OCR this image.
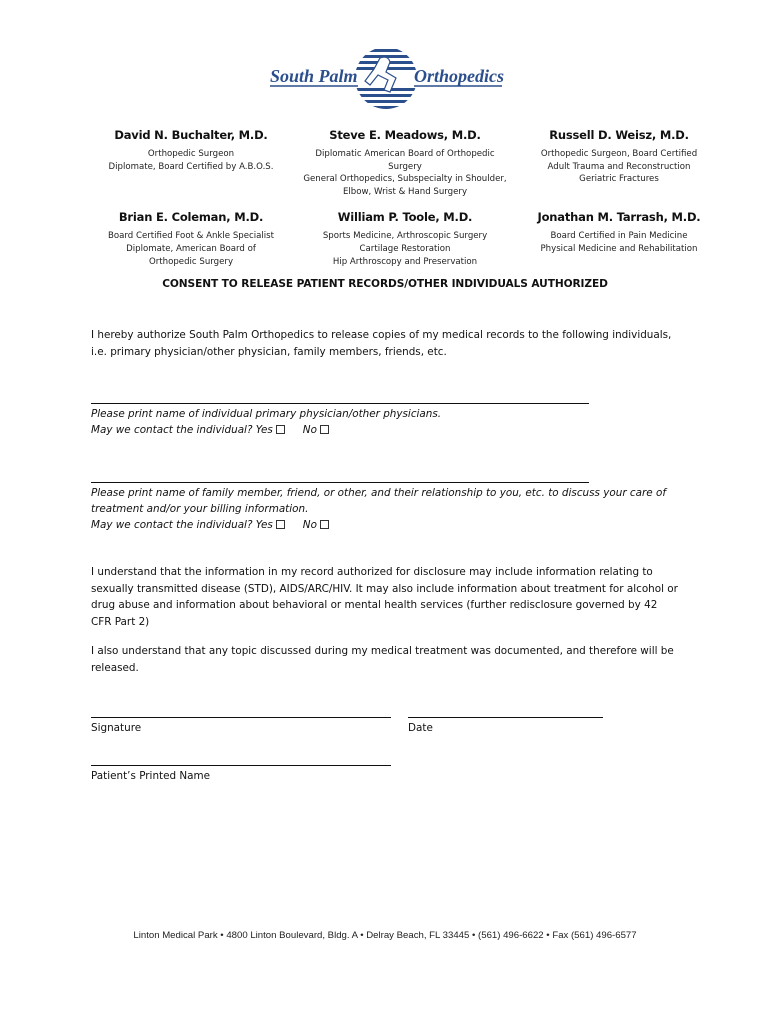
South Palm	Orthopedics
David N. Buchalter, M.D.
Orthopedic Surgeon
Diplomate, Board Certified by A.B.O.S.
Steve E. Meadows, M.D.
Diplomatic American Board of Orthopedic Surgery
General Orthopedics, Subspecialty in Shoulder,
Elbow, Wrist & Hand Surgery
Russell D. Weisz, M.D.
Orthopedic Surgeon, Board Certified
Adult Trauma and Reconstruction
Geriatric Fractures
Brian E. Coleman, M.D.
Board Certified Foot & Ankle Specialist
Diplomate, American Board of
Orthopedic Surgery
William P. Toole, M.D.
Sports Medicine, Arthroscopic Surgery
Cartilage Restoration
Hip Arthroscopy and Preservation
Jonathan M. Tarrash, M.D.
Board Certified in Pain Medicine
Physical Medicine and Rehabilitation
CONSENT TO RELEASE PATIENT RECORDS/OTHER INDIVIDUALS AUTHORIZED

I hereby authorize South Palm Orthopedics to release copies of my medical records to the following individuals, i.e. primary physician/other physician, family members, friends, etc.

Please print name of individual primary physician/other physicians.

May we contact the individual? Yes	No

Please print name of family member, friend, or other, and their relationship to you, etc. to discuss your care of

treatment and/or your billing information.

May we contact the individual? Yes	No

I understand that the information in my record authorized for disclosure may include information relating to sexually transmitted disease (STD), AIDS/ARC/HIV. It may also include information about treatment for alcohol or drug abuse and information about behavioral or mental health services (further redisclosure governed by 42 CFR Part 2)

I also understand that any topic discussed during my medical treatment was documented, and therefore will be released.

Signature	Date
Patient’s Printed Name
Linton Medical Park • 4800 Linton Boulevard, Bldg. A • Delray Beach, FL 33445 • (561) 496-6622 • Fax (561) 496-6577
